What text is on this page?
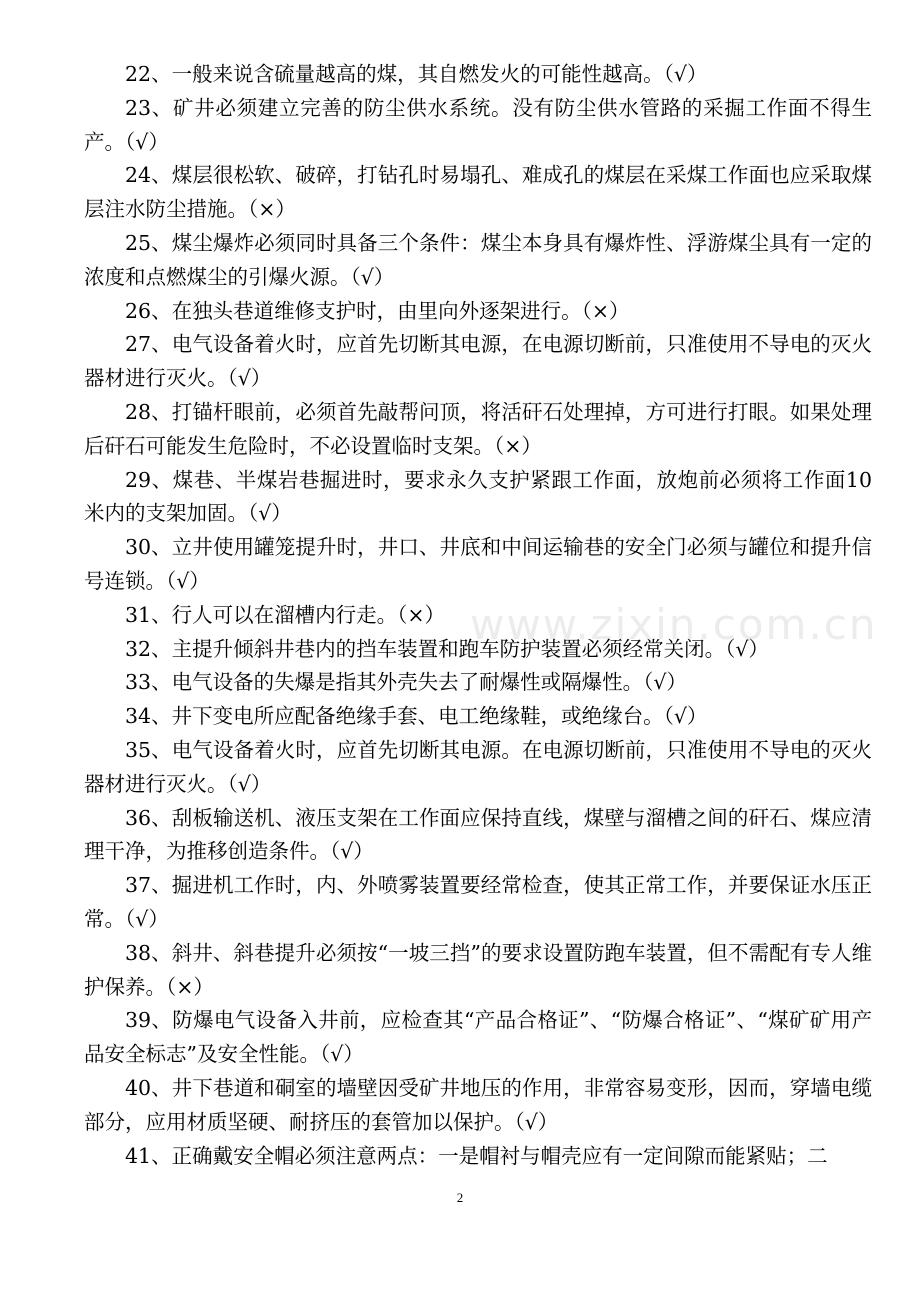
22、一般来说含硫量越高的煤，其自燃发火的可能性越高。（√）

23、矿井必须建立完善的防尘供水系统。没有防尘供水管路的采掘工作面不得生产。（√）

24、煤层很松软、破碎，打钻孔时易塌孔、难成孔的煤层在采煤工作面也应采取煤层注水防尘措施。（×）

25、煤尘爆炸必须同时具备三个条件：煤尘本身具有爆炸性、浮游煤尘具有一定的浓度和点燃煤尘的引爆火源。（√）

26、在独头巷道维修支护时，由里向外逐架进行。（×）

27、电气设备着火时，应首先切断其电源，在电源切断前，只准使用不导电的灭火器材进行灭火。（√）

28、打锚杆眼前，必须首先敲帮问顶，将活矸石处理掉，方可进行打眼。如果处理后矸石可能发生危险时，不必设置临时支架。（×）

29、煤巷、半煤岩巷掘进时，要求永久支护紧跟工作面，放炮前必须将工作面10米内的支架加固。（√）

30、立井使用罐笼提升时，井口、井底和中间运输巷的安全门必须与罐位和提升信号连锁。（√）

31、行人可以在溜槽内行走。（×）

32、主提升倾斜井巷内的挡车装置和跑车防护装置必须经常关闭。（√）

33、电气设备的失爆是指其外壳失去了耐爆性或隔爆性。（√）

34、井下变电所应配备绝缘手套、电工绝缘鞋，或绝缘台。（√）

35、电气设备着火时，应首先切断其电源。在电源切断前，只准使用不导电的灭火器材进行灭火。（√）

36、刮板输送机、液压支架在工作面应保持直线，煤壁与溜槽之间的矸石、煤应清理干净，为推移创造条件。（√）

37、掘进机工作时，内、外喷雾装置要经常检查，使其正常工作，并要保证水压正常。（√）

38、斜井、斜巷提升必须按“一坡三挡”的要求设置防跑车装置，但不需配有专人维护保养。（×）

39、防爆电气设备入井前，应检查其“产品合格证”、“防爆合格证”、“煤矿矿用产品安全标志”及安全性能。（√）

40、井下巷道和硐室的墙壁因受矿井地压的作用，非常容易变形，因而，穿墙电缆部分，应用材质坚硬、耐挤压的套管加以保护。（√）

41、正确戴安全帽必须注意两点：一是帽衬与帽壳应有一定间隙而能紧贴；二

www.zixin.com.cn
2
